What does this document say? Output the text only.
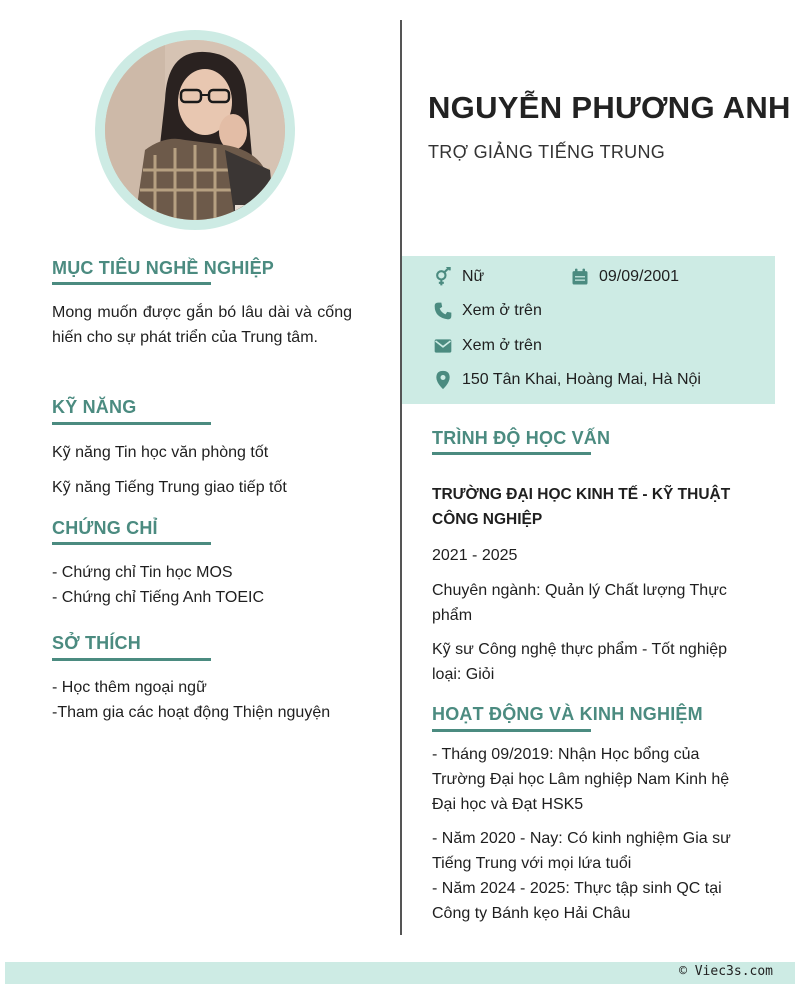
MỤC TIÊU NGHỀ NGHIỆP
Mong muốn được gắn bó lâu dài và cống hiến cho sự phát triển của Trung tâm.
KỸ NĂNG
Kỹ năng Tin học văn phòng tốt
Kỹ năng Tiếng Trung giao tiếp tốt
CHỨNG CHỈ
- Chứng chỉ Tin học MOS
- Chứng chỉ Tiếng Anh TOEIC
SỞ THÍCH
- Học thêm ngoại ngữ
-Tham gia các hoạt động Thiện nguyện
NGUYỄN PHƯƠNG ANH
TRỢ GIẢNG TIẾNG TRUNG
Nữ	09/09/2001
Xem ở trên
Xem ở trên
150 Tân Khai, Hoàng Mai, Hà Nội
TRÌNH ĐỘ HỌC VẤN
TRƯỜNG ĐẠI HỌC KINH TẾ - KỸ THUẬT
CÔNG NGHIỆP
2021 - 2025
Chuyên ngành: Quản lý Chất lượng Thực
phẩm
Kỹ sư Công nghệ thực phẩm - Tốt nghiệp
loại: Giỏi
HOẠT ĐỘNG VÀ KINH NGHIỆM
- Tháng 09/2019: Nhận Học bổng của
Trường Đại học Lâm nghiệp Nam Kinh hệ
Đại học và Đạt HSK5
- Năm 2020 - Nay: Có kinh nghiệm Gia sư
Tiếng Trung với mọi lứa tuổi
- Năm 2024 - 2025: Thực tập sinh QC tại
Công ty Bánh kẹo Hải Châu
© Viec3s.com
